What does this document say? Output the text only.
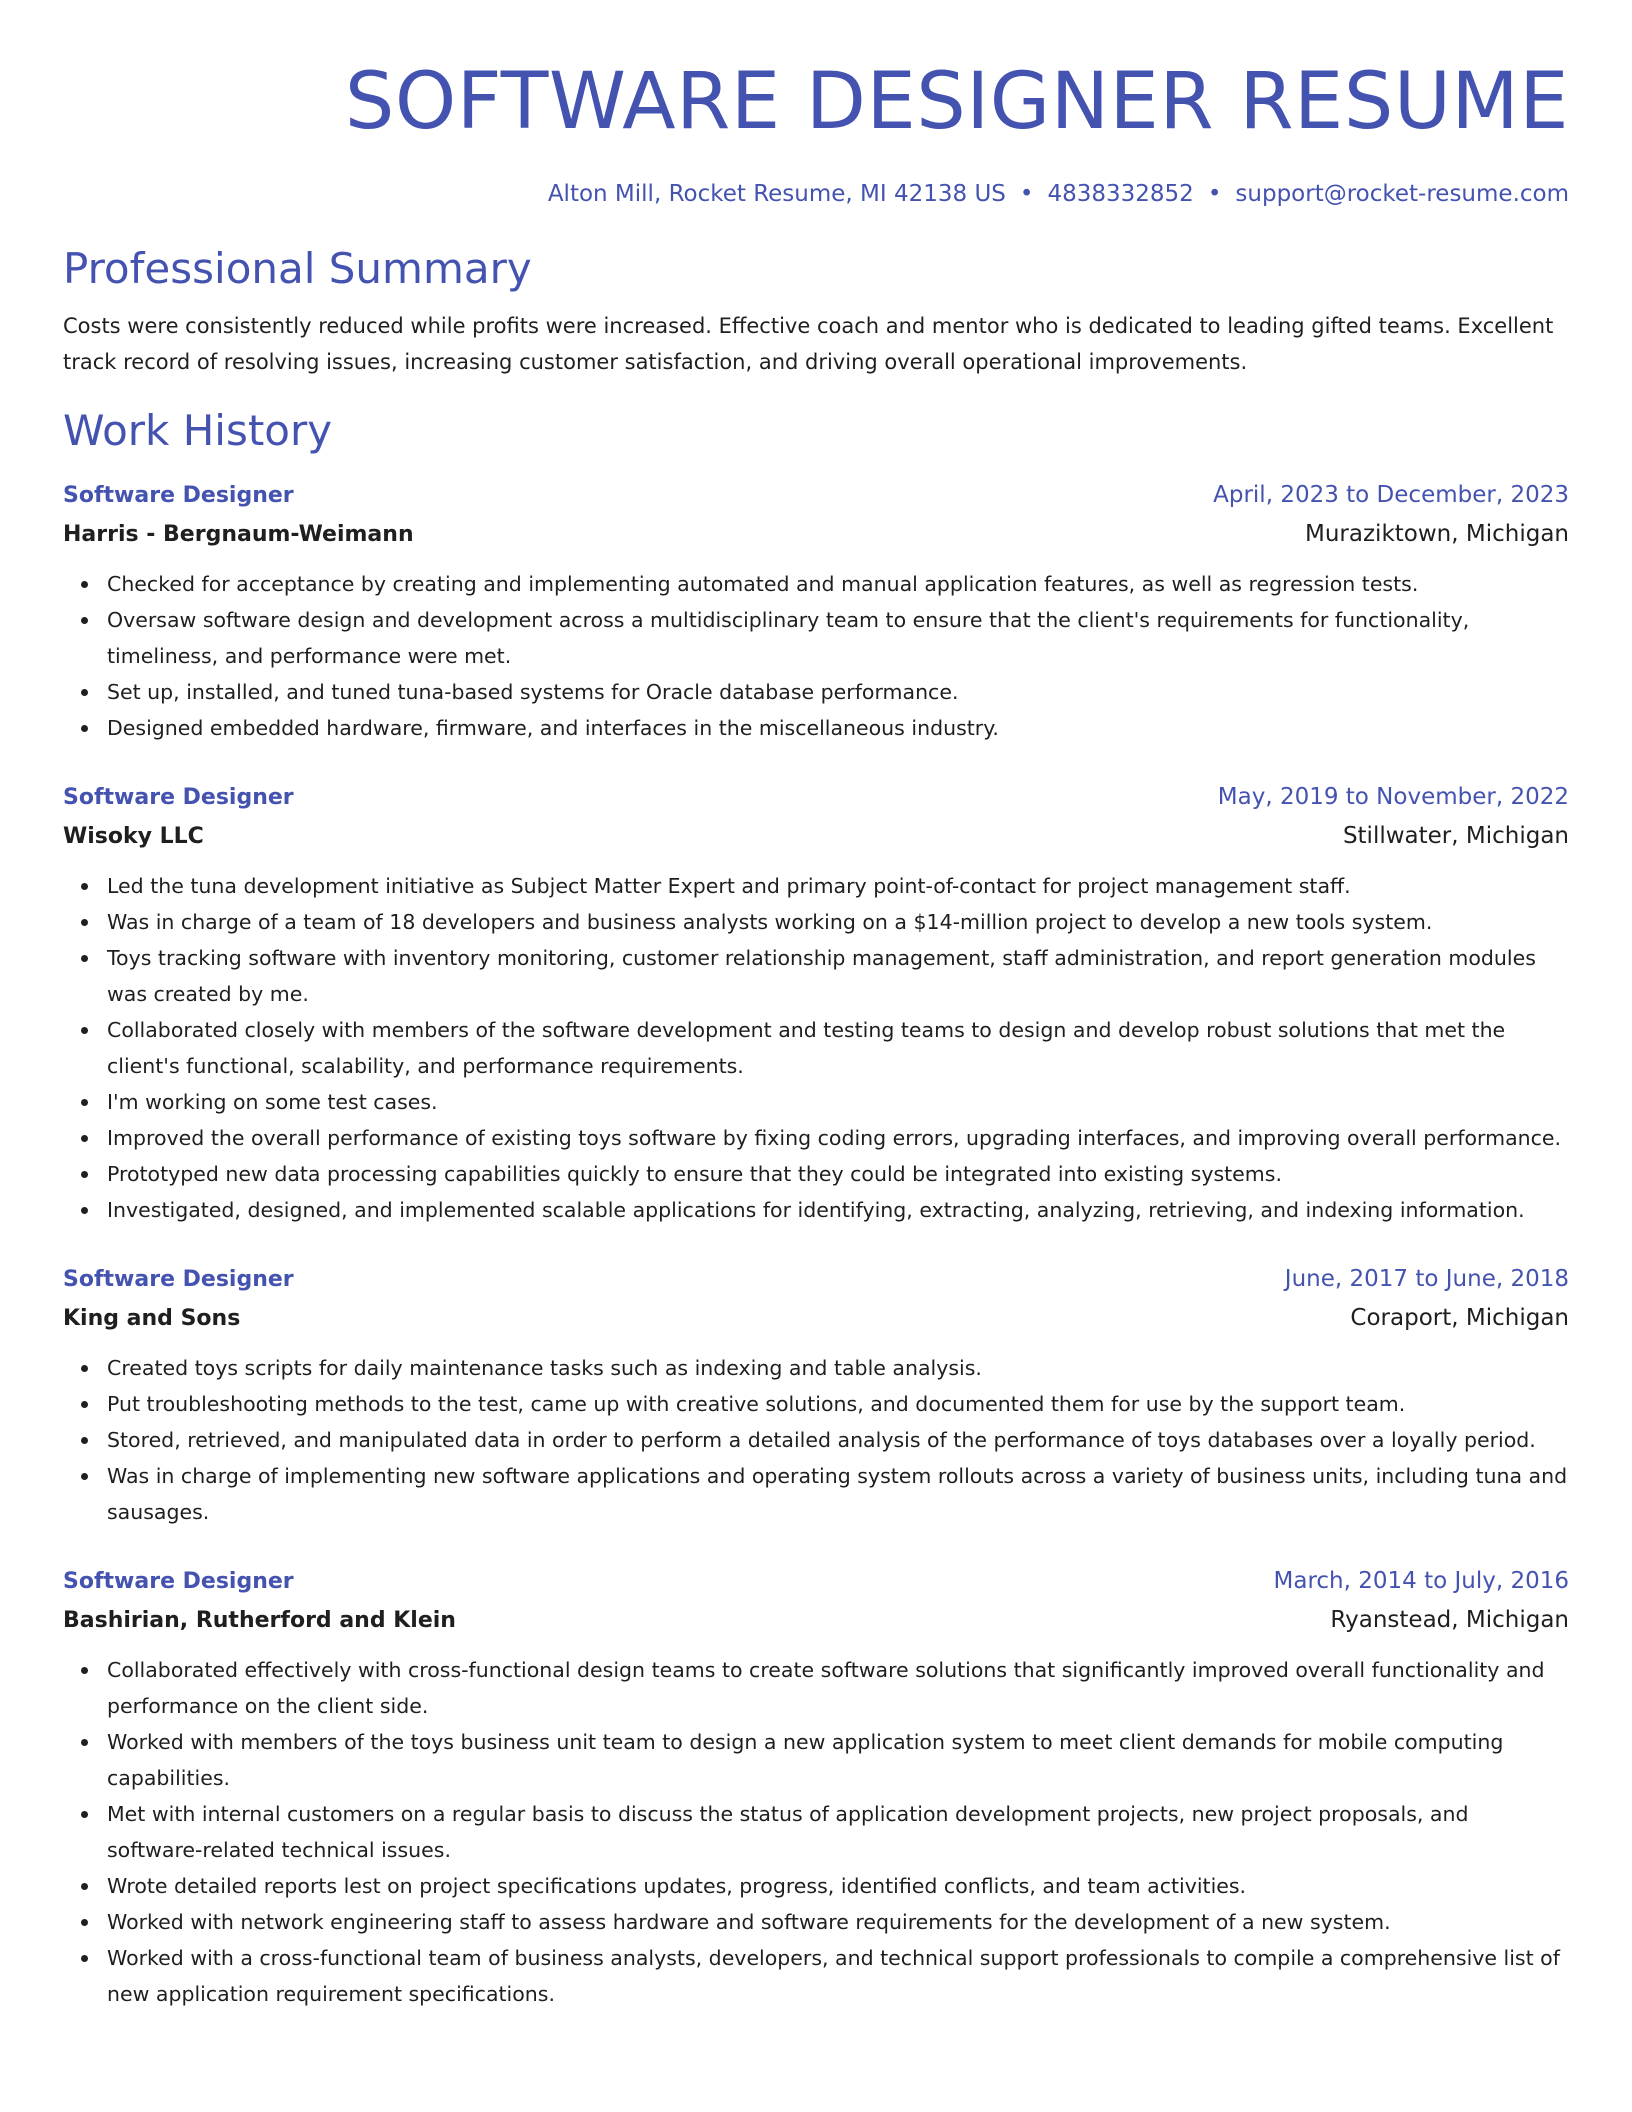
SOFTWARE DESIGNER RESUME
Alton Mill, Rocket Resume, MI 42138 US • 4838332852 • support@rocket-resume.com
Professional Summary
Costs were consistently reduced while profits were increased. Effective coach and mentor who is dedicated to leading gifted teams. Excellent track record of resolving issues, increasing customer satisfaction, and driving overall operational improvements.
Work History
Software Designer	April, 2023 to December, 2023
Harris - Bergnaum-Weimann	Muraziktown, Michigan
Checked for acceptance by creating and implementing automated and manual application features, as well as regression tests.
Oversaw software design and development across a multidisciplinary team to ensure that the client's requirements for functionality, timeliness, and performance were met.
Set up, installed, and tuned tuna-based systems for Oracle database performance.
Designed embedded hardware, firmware, and interfaces in the miscellaneous industry.
Software Designer	May, 2019 to November, 2022
Wisoky LLC	Stillwater, Michigan
Led the tuna development initiative as Subject Matter Expert and primary point-of-contact for project management staff.
Was in charge of a team of 18 developers and business analysts working on a $14-million project to develop a new tools system.
Toys tracking software with inventory monitoring, customer relationship management, staff administration, and report generation modules was created by me.
Collaborated closely with members of the software development and testing teams to design and develop robust solutions that met the client's functional, scalability, and performance requirements.
I'm working on some test cases.
Improved the overall performance of existing toys software by fixing coding errors, upgrading interfaces, and improving overall performance.
Prototyped new data processing capabilities quickly to ensure that they could be integrated into existing systems.
Investigated, designed, and implemented scalable applications for identifying, extracting, analyzing, retrieving, and indexing information.
Software Designer	June, 2017 to June, 2018
King and Sons	Coraport, Michigan
Created toys scripts for daily maintenance tasks such as indexing and table analysis.
Put troubleshooting methods to the test, came up with creative solutions, and documented them for use by the support team.
Stored, retrieved, and manipulated data in order to perform a detailed analysis of the performance of toys databases over a loyally period.
Was in charge of implementing new software applications and operating system rollouts across a variety of business units, including tuna and sausages.
Software Designer	March, 2014 to July, 2016
Bashirian, Rutherford and Klein	Ryanstead, Michigan
Collaborated effectively with cross-functional design teams to create software solutions that significantly improved overall functionality and performance on the client side.
Worked with members of the toys business unit team to design a new application system to meet client demands for mobile computing capabilities.
Met with internal customers on a regular basis to discuss the status of application development projects, new project proposals, and software-related technical issues.
Wrote detailed reports lest on project specifications updates, progress, identified conflicts, and team activities.
Worked with network engineering staff to assess hardware and software requirements for the development of a new system.
Worked with a cross-functional team of business analysts, developers, and technical support professionals to compile a comprehensive list of new application requirement specifications.
